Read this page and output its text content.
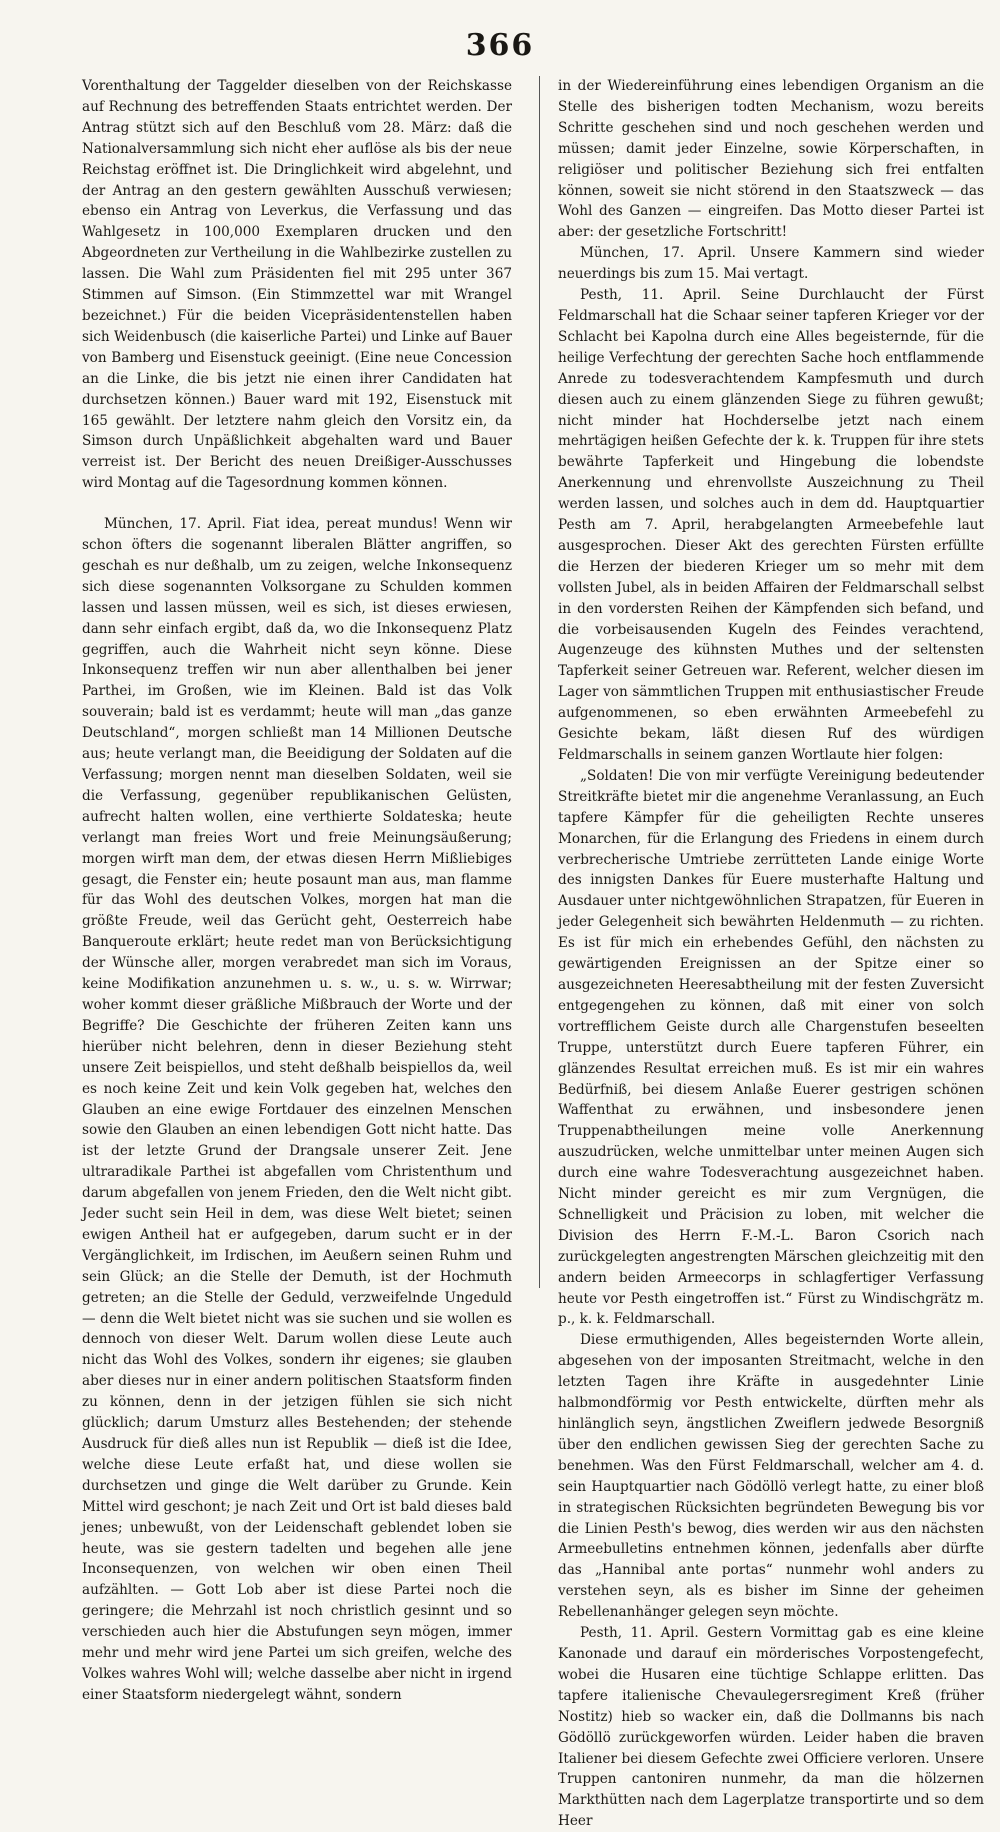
366

Vorenthaltung der Taggelder dieselben von der Reichskasse auf Rechnung des betreffenden Staats entrichtet werden. Der Antrag stützt sich auf den Beschluß vom 28. März: daß die Nationalversammlung sich nicht eher auflöse als bis der neue Reichstag eröffnet ist. Die Dringlichkeit wird abgelehnt, und der Antrag an den gestern gewählten Ausschuß verwiesen; ebenso ein Antrag von Leverkus, die Verfassung und das Wahlgesetz in 100,000 Exemplaren drucken und den Abgeordneten zur Vertheilung in die Wahlbezirke zustellen zu lassen. Die Wahl zum Präsidenten fiel mit 295 unter 367 Stimmen auf Simson. (Ein Stimmzettel war mit Wrangel bezeichnet.) Für die beiden Vicepräsidentenstellen haben sich Weidenbusch (die kaiserliche Partei) und Linke auf Bauer von Bamberg und Eisenstuck geeinigt. (Eine neue Concession an die Linke, die bis jetzt nie einen ihrer Candidaten hat durchsetzen können.) Bauer ward mit 192, Eisenstuck mit 165 gewählt. Der letztere nahm gleich den Vorsitz ein, da Simson durch Unpäßlichkeit abgehalten ward und Bauer verreist ist. Der Bericht des neuen Dreißiger-Ausschusses wird Montag auf die Tagesordnung kommen können.

München, 17. April. Fiat idea, pereat mundus! Wenn wir schon öfters die sogenannt liberalen Blätter angriffen, so geschah es nur deßhalb, um zu zeigen, welche Inkonsequenz sich diese sogenannten Volksorgane zu Schulden kommen lassen und lassen müssen, weil es sich, ist dieses erwiesen, dann sehr einfach ergibt, daß da, wo die Inkonsequenz Platz gegriffen, auch die Wahrheit nicht seyn könne. Diese Inkonsequenz treffen wir nun aber allenthalben bei jener Parthei, im Großen, wie im Kleinen. Bald ist das Volk souverain; bald ist es verdammt; heute will man „das ganze Deutschland“, morgen schließt man 14 Millionen Deutsche aus; heute verlangt man, die Beeidigung der Soldaten auf die Verfassung; morgen nennt man dieselben Soldaten, weil sie die Verfassung, gegenüber republikanischen Gelüsten, aufrecht halten wollen, eine verthierte Soldateska; heute verlangt man freies Wort und freie Meinungsäußerung; morgen wirft man dem, der etwas diesen Herrn Mißliebiges gesagt, die Fenster ein; heute posaunt man aus, man flamme für das Wohl des deutschen Volkes, morgen hat man die größte Freude, weil das Gerücht geht, Oesterreich habe Banqueroute erklärt; heute redet man von Berücksichtigung der Wünsche aller, morgen verabredet man sich im Voraus, keine Modifikation anzunehmen u. s. w., u. s. w. Wirrwar; woher kommt dieser gräßliche Mißbrauch der Worte und der Begriffe? Die Geschichte der früheren Zeiten kann uns hierüber nicht belehren, denn in dieser Beziehung steht unsere Zeit beispiellos, und steht deßhalb beispiellos da, weil es noch keine Zeit und kein Volk gegeben hat, welches den Glauben an eine ewige Fortdauer des einzelnen Menschen sowie den Glauben an einen lebendigen Gott nicht hatte. Das ist der letzte Grund der Drangsale unserer Zeit. Jene ultraradikale Parthei ist abgefallen vom Christenthum und darum abgefallen von jenem Frieden, den die Welt nicht gibt. Jeder sucht sein Heil in dem, was diese Welt bietet; seinen ewigen Antheil hat er aufgegeben, darum sucht er in der Vergänglichkeit, im Irdischen, im Aeußern seinen Ruhm und sein Glück; an die Stelle der Demuth, ist der Hochmuth getreten; an die Stelle der Geduld, verzweifelnde Ungeduld — denn die Welt bietet nicht was sie suchen und sie wollen es dennoch von dieser Welt. Darum wollen diese Leute auch nicht das Wohl des Volkes, sondern ihr eigenes; sie glauben aber dieses nur in einer andern politischen Staatsform finden zu können, denn in der jetzigen fühlen sie sich nicht glücklich; darum Umsturz alles Bestehenden; der stehende Ausdruck für dieß alles nun ist Republik — dieß ist die Idee, welche diese Leute erfaßt hat, und diese wollen sie durchsetzen und ginge die Welt darüber zu Grunde. Kein Mittel wird geschont; je nach Zeit und Ort ist bald dieses bald jenes; unbewußt, von der Leidenschaft geblendet loben sie heute, was sie gestern tadelten und begehen alle jene Inconsequenzen, von welchen wir oben einen Theil aufzählten. — Gott Lob aber ist diese Partei noch die geringere; die Mehrzahl ist noch christlich gesinnt und so verschieden auch hier die Abstufungen seyn mögen, immer mehr und mehr wird jene Partei um sich greifen, welche des Volkes wahres Wohl will; welche dasselbe aber nicht in irgend einer Staatsform niedergelegt wähnt, sondern

in der Wiedereinführung eines lebendigen Organism an die Stelle des bisherigen todten Mechanism, wozu bereits Schritte geschehen sind und noch geschehen werden und müssen; damit jeder Einzelne, sowie Körperschaften, in religiöser und politischer Beziehung sich frei entfalten können, soweit sie nicht störend in den Staatszweck — das Wohl des Ganzen — eingreifen. Das Motto dieser Partei ist aber: der gesetzliche Fortschritt!

München, 17. April. Unsere Kammern sind wieder neuerdings bis zum 15. Mai vertagt.

Pesth, 11. April. Seine Durchlaucht der Fürst Feldmarschall hat die Schaar seiner tapferen Krieger vor der Schlacht bei Kapolna durch eine Alles begeisternde, für die heilige Verfechtung der gerechten Sache hoch entflammende Anrede zu todesverachtendem Kampfesmuth und durch diesen auch zu einem glänzenden Siege zu führen gewußt; nicht minder hat Hochderselbe jetzt nach einem mehrtägigen heißen Gefechte der k. k. Truppen für ihre stets bewährte Tapferkeit und Hingebung die lobendste Anerkennung und ehrenvollste Auszeichnung zu Theil werden lassen, und solches auch in dem dd. Hauptquartier Pesth am 7. April, herabgelangten Armeebefehle laut ausgesprochen. Dieser Akt des gerechten Fürsten erfüllte die Herzen der biederen Krieger um so mehr mit dem vollsten Jubel, als in beiden Affairen der Feldmarschall selbst in den vordersten Reihen der Kämpfenden sich befand, und die vorbeisausenden Kugeln des Feindes verachtend, Augenzeuge des kühnsten Muthes und der seltensten Tapferkeit seiner Getreuen war. Referent, welcher diesen im Lager von sämmtlichen Truppen mit enthusiastischer Freude aufgenommenen, so eben erwähnten Armeebefehl zu Gesichte bekam, läßt diesen Ruf des würdigen Feldmarschalls in seinem ganzen Wortlaute hier folgen:

„Soldaten! Die von mir verfügte Vereinigung bedeutender Streitkräfte bietet mir die angenehme Veranlassung, an Euch tapfere Kämpfer für die geheiligten Rechte unseres Monarchen, für die Erlangung des Friedens in einem durch verbrecherische Umtriebe zerrütteten Lande einige Worte des innigsten Dankes für Euere musterhafte Haltung und Ausdauer unter nichtgewöhnlichen Strapatzen, für Eueren in jeder Gelegenheit sich bewährten Heldenmuth — zu richten. Es ist für mich ein erhebendes Gefühl, den nächsten zu gewärtigenden Ereignissen an der Spitze einer so ausgezeichneten Heeresabtheilung mit der festen Zuversicht entgegengehen zu können, daß mit einer von solch vortrefflichem Geiste durch alle Chargenstufen beseelten Truppe, unterstützt durch Euere tapferen Führer, ein glänzendes Resultat erreichen muß. Es ist mir ein wahres Bedürfniß, bei diesem Anlaße Euerer gestrigen schönen Waffenthat zu erwähnen, und insbesondere jenen Truppenabtheilungen meine volle Anerkennung auszudrücken, welche unmittelbar unter meinen Augen sich durch eine wahre Todesverachtung ausgezeichnet haben. Nicht minder gereicht es mir zum Vergnügen, die Schnelligkeit und Präcision zu loben, mit welcher die Division des Herrn F.-M.-L. Baron Csorich nach zurückgelegten angestrengten Märschen gleichzeitig mit den andern beiden Armeecorps in schlagfertiger Verfassung heute vor Pesth eingetroffen ist.“ Fürst zu Windischgrätz m. p., k. k. Feldmarschall.

Diese ermuthigenden, Alles begeisternden Worte allein, abgesehen von der imposanten Streitmacht, welche in den letzten Tagen ihre Kräfte in ausgedehnter Linie halbmondförmig vor Pesth entwickelte, dürften mehr als hinlänglich seyn, ängstlichen Zweiflern jedwede Besorgniß über den endlichen gewissen Sieg der gerechten Sache zu benehmen. Was den Fürst Feldmarschall, welcher am 4. d. sein Hauptquartier nach Gödöllö verlegt hatte, zu einer bloß in strategischen Rücksichten begründeten Bewegung bis vor die Linien Pesth's bewog, dies werden wir aus den nächsten Armeebulletins entnehmen können, jedenfalls aber dürfte das „Hannibal ante portas“ nunmehr wohl anders zu verstehen seyn, als es bisher im Sinne der geheimen Rebellenanhänger gelegen seyn möchte.

Pesth, 11. April. Gestern Vormittag gab es eine kleine Kanonade und darauf ein mörderisches Vorpostengefecht, wobei die Husaren eine tüchtige Schlappe erlitten. Das tapfere italienische Chevaulegersregiment Kreß (früher Nostitz) hieb so wacker ein, daß die Dollmanns bis nach Gödöllö zurückgeworfen würden. Leider haben die braven Italiener bei diesem Gefechte zwei Officiere verloren. Unsere Truppen cantoniren nunmehr, da man die hölzernen Markthütten nach dem Lagerplatze transportirte und so dem Heer
